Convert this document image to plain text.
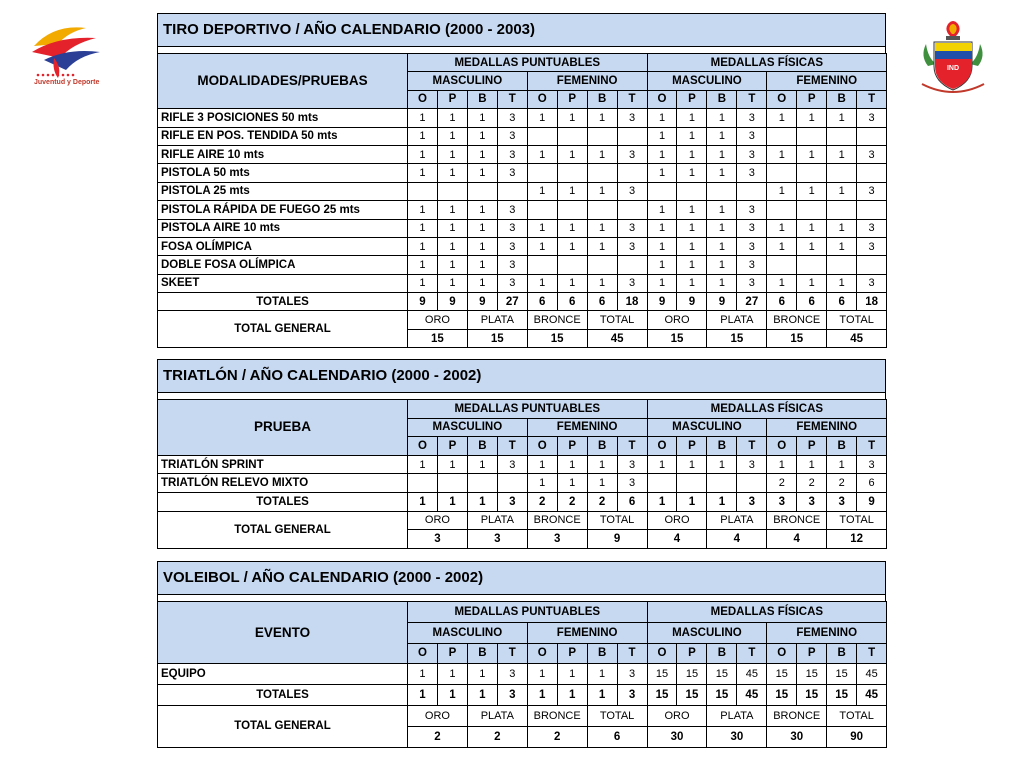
Juventud y Deporte
IND
TIRO DEPORTIVO / AÑO CALENDARIO (2000 - 2003)
MODALIDADES/PRUEBAS	MEDALLAS PUNTUABLES								MEDALLAS FÍSICAS							
	MASCULINO				FEMENINO				MASCULINO				FEMENINO			
	O	P	B	T	O	P	B	T	O	P	B	T	O	P	B	T
RIFLE 3 POSICIONES 50 mts	1	1	1	3	1	1	1	3	1	1	1	3	1	1	1	3
RIFLE EN POS. TENDIDA 50 mts	1	1	1	3					1	1	1	3				
RIFLE AIRE 10 mts	1	1	1	3	1	1	1	3	1	1	1	3	1	1	1	3
PISTOLA 50 mts	1	1	1	3					1	1	1	3				
PISTOLA 25 mts					1	1	1	3					1	1	1	3
PISTOLA RÁPIDA DE FUEGO 25 mts	1	1	1	3					1	1	1	3				
PISTOLA AIRE 10 mts	1	1	1	3	1	1	1	3	1	1	1	3	1	1	1	3
FOSA OLÍMPICA	1	1	1	3	1	1	1	3	1	1	1	3	1	1	1	3
DOBLE FOSA OLÍMPICA	1	1	1	3					1	1	1	3				
SKEET	1	1	1	3	1	1	1	3	1	1	1	3	1	1	1	3
TOTALES	9	9	9	27	6	6	6	18	9	9	9	27	6	6	6	18
TOTAL GENERAL	ORO		PLATA		BRONCE		TOTAL		ORO		PLATA		BRONCE		TOTAL	
	15		15		15		45		15		15		15		45	
TRIATLÓN / AÑO CALENDARIO (2000 - 2002)
PRUEBA	MEDALLAS PUNTUABLES								MEDALLAS FÍSICAS							
	MASCULINO				FEMENINO				MASCULINO				FEMENINO			
	O	P	B	T	O	P	B	T	O	P	B	T	O	P	B	T
TRIATLÓN SPRINT	1	1	1	3	1	1	1	3	1	1	1	3	1	1	1	3
TRIATLÓN RELEVO MIXTO					1	1	1	3					2	2	2	6
TOTALES	1	1	1	3	2	2	2	6	1	1	1	3	3	3	3	9
TOTAL GENERAL	ORO		PLATA		BRONCE		TOTAL		ORO		PLATA		BRONCE		TOTAL	
	3		3		3		9		4		4		4		12	
VOLEIBOL / AÑO CALENDARIO (2000 - 2002)
EVENTO	MEDALLAS PUNTUABLES								MEDALLAS FÍSICAS							
	MASCULINO				FEMENINO				MASCULINO				FEMENINO			
	O	P	B	T	O	P	B	T	O	P	B	T	O	P	B	T
EQUIPO	1	1	1	3	1	1	1	3	15	15	15	45	15	15	15	45
TOTALES	1	1	1	3	1	1	1	3	15	15	15	45	15	15	15	45
TOTAL GENERAL	ORO		PLATA		BRONCE		TOTAL		ORO		PLATA		BRONCE		TOTAL	
	2		2		2		6		30		30		30		90	
